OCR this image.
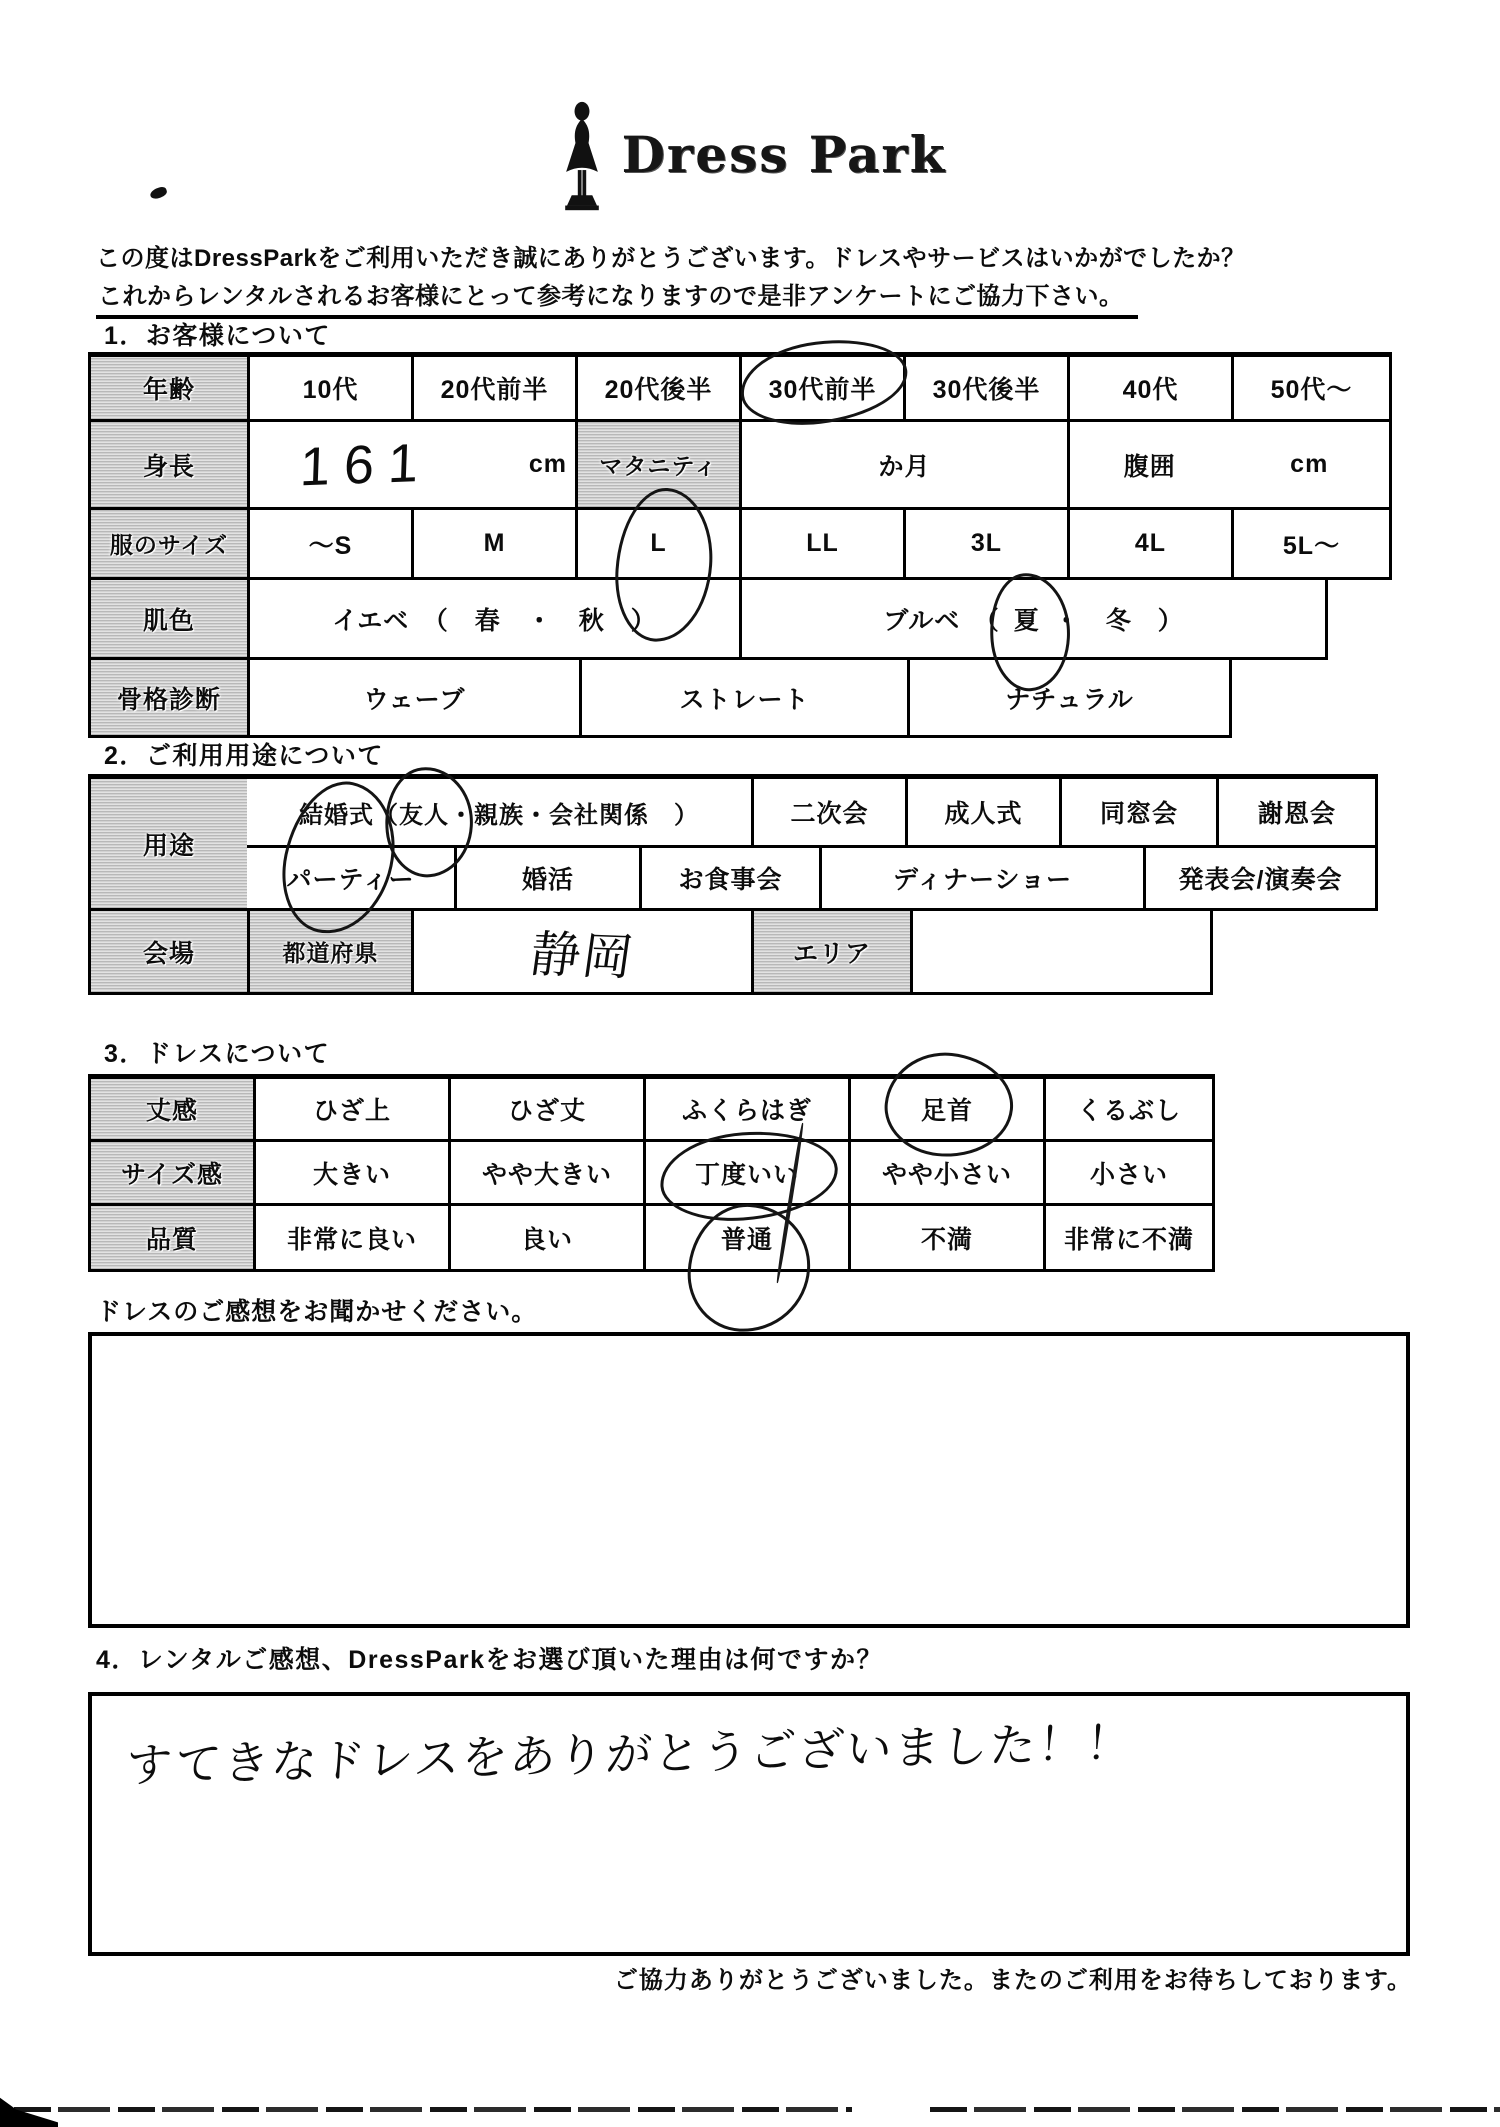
Dress Park
この度はDressParkをご利用いただき誠にありがとうございます。ドレスやサービスはいかがでしたか？
これからレンタルされるお客様にとって参考になりますので是非アンケートにご協力下さい。
1．お客様について
年齢	10代	20代前半	20代後半	30代前半	30代後半	40代	50代～
身長	161	cm	マタニティ	か月	腹囲	cm
服のサイズ	～S	M	L	LL	3L	4L	5L～
肌色	イエベ　（　春　・　秋　）	ブルベ　（ 夏 ・　冬　）
骨格診断	ウェーブ	ストレート	ナチュラル
2．ご利用用途について
用途
結婚式 （ 友人 ・親族・会社関係　）	二次会	成人式	同窓会	謝恩会
パーティー	婚活	お食事会	ディナーショー	発表会/演奏会
会場	都道府県	静岡	エリア
3．ドレスについて
丈感	ひざ上	ひざ丈	ふくらはぎ	足首	くるぶし
サイズ感	大きい	やや大きい	丁度いい	やや小さい	小さい
品質	非常に良い	良い	普通	不満	非常に不満
ドレスのご感想をお聞かせください。
4．レンタルご感想、DressParkをお選び頂いた理由は何ですか？
すてきなドレスをありがとうございました！！
ご協力ありがとうございました。またのご利用をお待ちしております。
